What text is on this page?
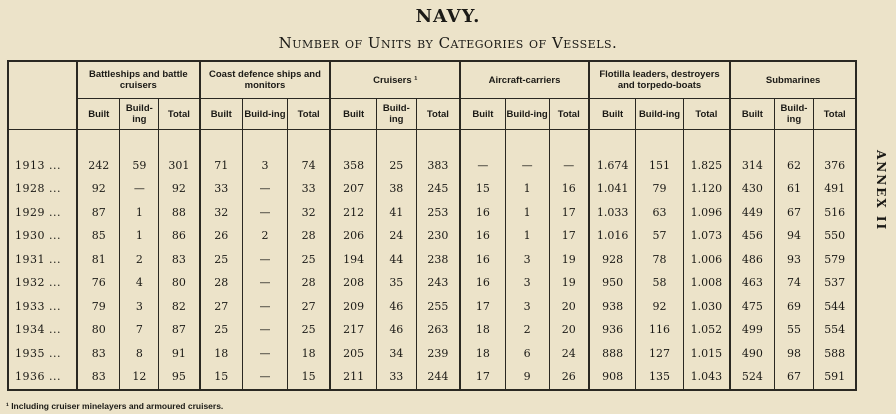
NAVY.
Number of Units by Categories of Vessels.
ANNEX II
	Battleships and battle cruisers			Coast defence ships and monitors			Cruisers ¹			Aircraft-carriers			Flotilla leaders, destroyers and torpedo-boats			Submarines		
	Built	Build-ing	Total	Built	Build-ing	Total	Built	Build-ing	Total	Built	Build-ing	Total	Built	Build-ing	Total	Built	Build-ing	Total

1913 ...	242	59	301	71	3	74	358	25	383	—	—	—	1.674	151	1.825	314	62	376
1928 ...	92	—	92	33	—	33	207	38	245	15	1	16	1.041	79	1.120	430	61	491
1929 ...	87	1	88	32	—	32	212	41	253	16	1	17	1.033	63	1.096	449	67	516
1930 ...	85	1	86	26	2	28	206	24	230	16	1	17	1.016	57	1.073	456	94	550
1931 ...	81	2	83	25	—	25	194	44	238	16	3	19	928	78	1.006	486	93	579
1932 ...	76	4	80	28	—	28	208	35	243	16	3	19	950	58	1.008	463	74	537
1933 ...	79	3	82	27	—	27	209	46	255	17	3	20	938	92	1.030	475	69	544
1934 ...	80	7	87	25	—	25	217	46	263	18	2	20	936	116	1.052	499	55	554
1935 ...	83	8	91	18	—	18	205	34	239	18	6	24	888	127	1.015	490	98	588
1936 ...	83	12	95	15	—	15	211	33	244	17	9	26	908	135	1.043	524	67	591
¹ Including cruiser minelayers and armoured cruisers.
